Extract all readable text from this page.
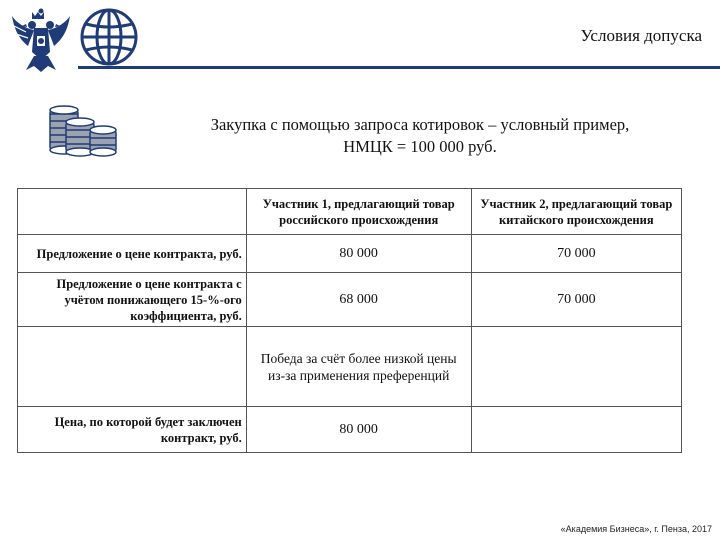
Условия допуска
Закупка с помощью запроса котировок – условный пример,
НМЦК = 100 000 руб.
	Участник 1, предлагающий товар российского происхождения	Участник 2, предлагающий товар китайского происхождения
Предложение о цене контракта, руб.	80 000	70 000
Предложение о цене контракта с учётом понижающего 15-%-ого коэффициента, руб.	68 000	70 000
	Победа за счёт более низкой цены из-за применения преференций	
Цена, по которой будет заключен контракт, руб.	80 000	
«Академия Бизнеса», г. Пенза, 2017
